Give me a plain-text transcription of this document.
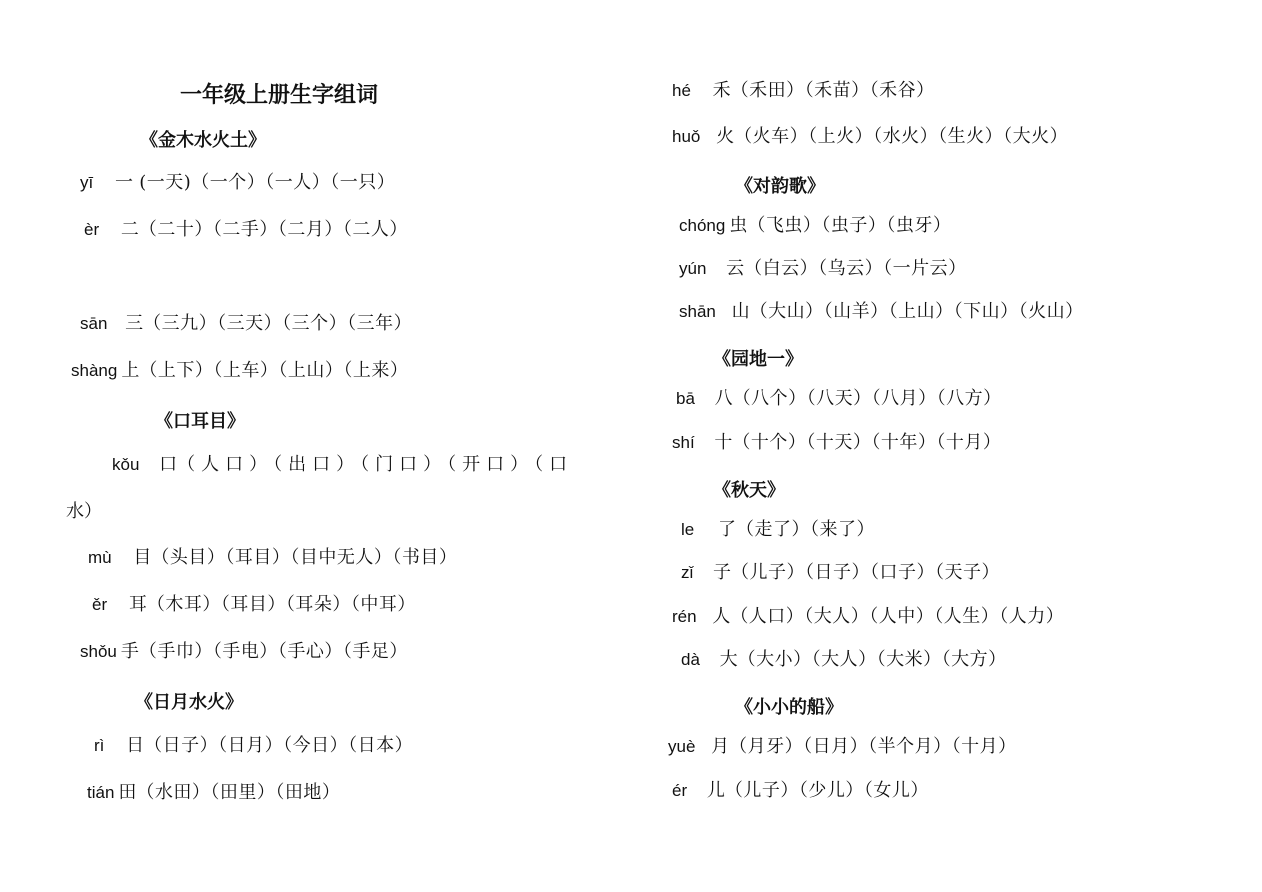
一年级上册生字组词
《金木水火土》
yī 一 (一天)（一个）（一人）（一只）
èr 二（二十）（二手）（二月）（二人）
sān 三（三九）（三天）（三个）（三年）
shàng 上（上下）（上车）（上山）（上来）
《口耳目》
kǒu 口（人口）（出口）（门口）（开口）（口
水）
mù 目（头目）（耳目）（目中无人）（书目）
ěr 耳（木耳）（耳目）（耳朵）（中耳）
shǒu 手（手巾）（手电）（手心）（手足）
《日月水火》
rì 日（日子）（日月）（今日）（日本）
tián 田（水田）（田里）（田地）
hé 禾（禾田）（禾苗）（禾谷）
huǒ 火（火车）（上火）（水火）（生火）（大火）
《对韵歌》
chóng 虫（飞虫）（虫子）（虫牙）
yún 云（白云）（乌云）（一片云）
shān 山（大山）（山羊）（上山）（下山）（火山）
《园地一》
bā 八（八个）（八天）（八月）（八方）
shí 十（十个）（十天）（十年）（十月）
《秋天》
le 了（走了）（来了）
zǐ 子（儿子）（日子）（口子）（天子）
rén 人（人口）（大人）（人中）（人生）（人力）
dà 大（大小）（大人）（大米）（大方）
《小小的船》
yuè 月（月牙）（日月）（半个月）（十月）
ér 儿（儿子）（少儿）（女儿）
